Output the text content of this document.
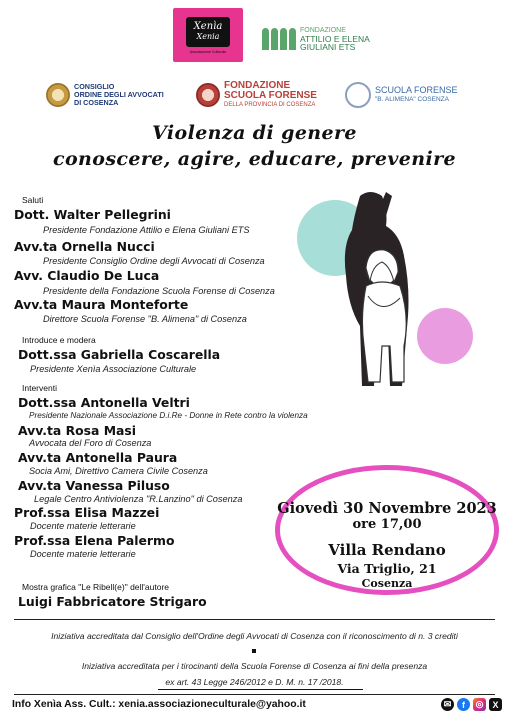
Xenìa
Xenia
Associazione Culturale
FONDAZIONE
ATTILIO E ELENA
GIULIANI ETS
CONSIGLIO
ORDINE DEGLI AVVOCATI
DI COSENZA
FONDAZIONE
SCUOLA FORENSE
DELLA PROVINCIA DI COSENZA
SCUOLA FORENSE
"B. ALIMENA" COSENZA
Violenza di genere
conoscere, agire, educare, prevenire
Saluti
Dott. Walter Pellegrini
Presidente Fondazione Attilio e Elena Giuliani ETS
Avv.ta Ornella Nucci
Presidente Consiglio Ordine degli Avvocati di Cosenza
Avv. Claudio De Luca
Presidente della Fondazione Scuola Forense di Cosenza
Avv.ta Maura Monteforte
Direttore Scuola Forense "B. Alimena" di Cosenza
Introduce e modera
Dott.ssa Gabriella Coscarella
Presidente Xenìa Associazione Culturale
Interventi
Dott.ssa Antonella Veltri
Presidente Nazionale Associazione D.i.Re - Donne in Rete contro la violenza
Avv.ta Rosa Masi
Avvocata del Foro di Cosenza
Avv.ta Antonella Paura
Socia Ami, Direttivo Camera Civile Cosenza
Avv.ta Vanessa Piluso
Legale Centro Antiviolenza "R.Lanzino" di Cosenza
Prof.ssa Elisa Mazzei
Docente materie letterarie
Prof.ssa Elena Palermo
Docente materie letterarie
Mostra grafica "Le Ribell(e)" dell'autore
Luigi Fabbricatore Strigaro
Giovedì 30 Novembre 2023
ore 17,00
Villa Rendano
Via Triglio, 21
Cosenza
Iniziativa accreditata dal Consiglio dell'Ordine degli Avvocati di Cosenza con il riconoscimento di n. 3 crediti
Iniziativa accreditata per i tirocinanti della Scuola Forense di Cosenza ai fini della presenza
ex art. 43 Legge 246/2012 e D. M. n. 17 /2018.
Info Xenìa Ass. Cult.: xenia.associazioneculturale@yahoo.it	✉	f	◎	X
